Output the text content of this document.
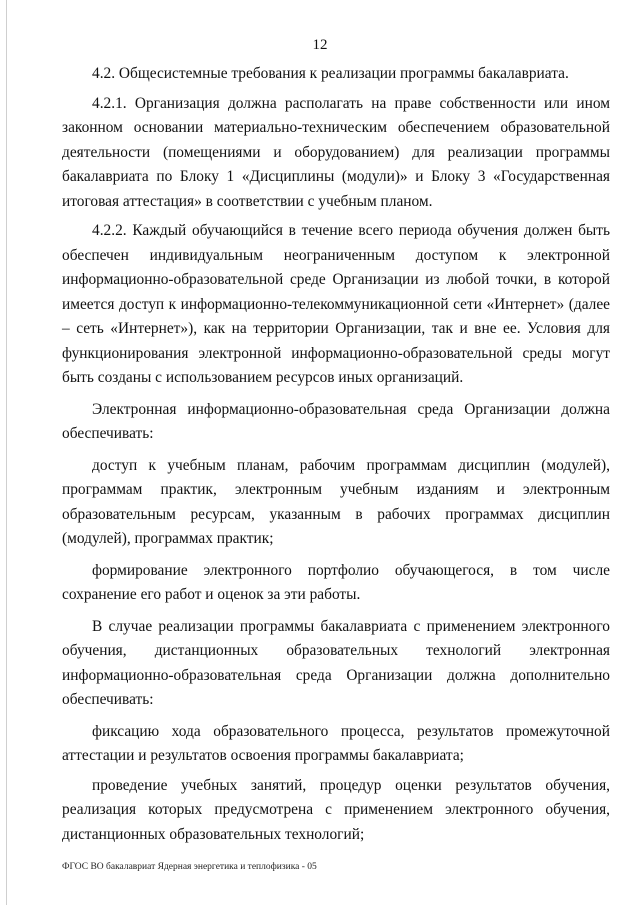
12

4.2. Общесистемные требования к реализации программы бакалавриата.

4.2.1. Организация должна располагать на праве собственности или ином законном основании материально-техническим обеспечением образовательной деятельности (помещениями и оборудованием) для реализации программы бакалавриата по Блоку 1 «Дисциплины (модули)» и Блоку 3 «Государственная итоговая аттестация» в соответствии с учебным планом.

4.2.2. Каждый обучающийся в течение всего периода обучения должен быть обеспечен индивидуальным неограниченным доступом к электронной информационно-образовательной среде Организации из любой точки, в которой имеется доступ к информационно-телекоммуникационной сети «Интернет» (далее – сеть «Интернет»), как на территории Организации, так и вне ее. Условия для функционирования электронной информационно-образовательной среды могут быть созданы с использованием ресурсов иных организаций.

Электронная информационно-образовательная среда Организации должна обеспечивать:

доступ к учебным планам, рабочим программам дисциплин (модулей), программам практик, электронным учебным изданиям и электронным образовательным ресурсам, указанным в рабочих программах дисциплин (модулей), программах практик;

формирование электронного портфолио обучающегося, в том числе сохранение его работ и оценок за эти работы.

В случае реализации программы бакалавриата с применением электронного обучения, дистанционных образовательных технологий электронная информационно-образовательная среда Организации должна дополнительно обеспечивать:

фиксацию хода образовательного процесса, результатов промежуточной аттестации и результатов освоения программы бакалавриата;

проведение учебных занятий, процедур оценки результатов обучения, реализация которых предусмотрена с применением электронного обучения, дистанционных образовательных технологий;

ФГОС ВО бакалавриат Ядерная энергетика и теплофизика - 05
